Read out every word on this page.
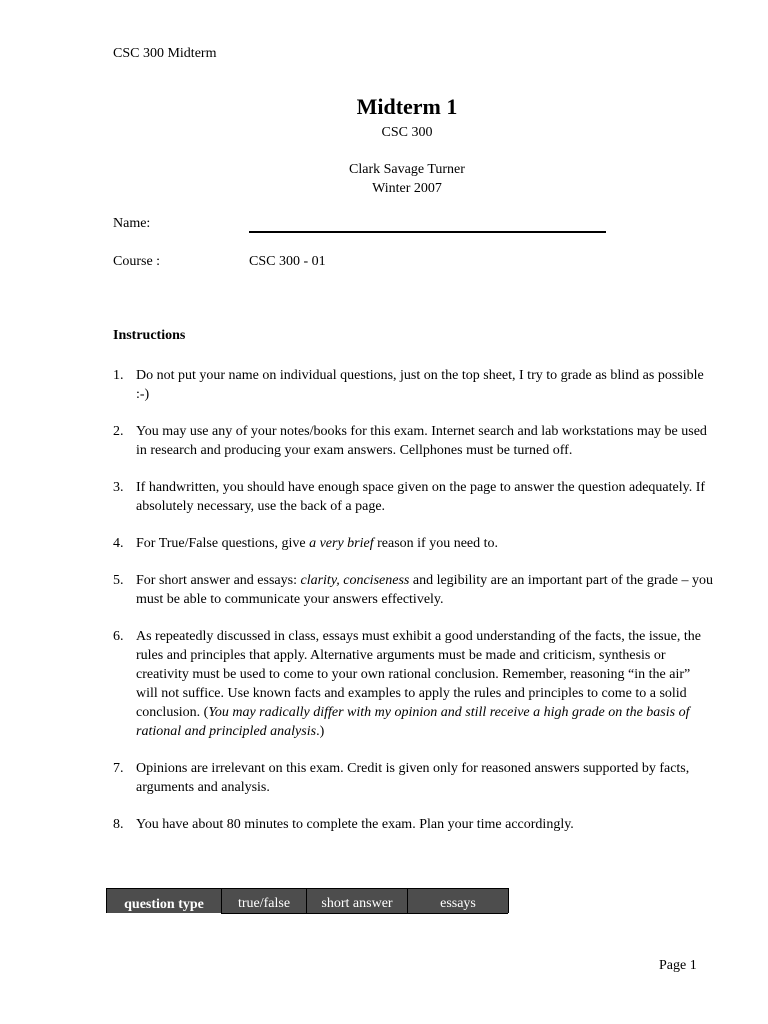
CSC 300 Midterm
Midterm 1
CSC 300
Clark Savage Turner
Winter 2007
Name:
Course :	CSC 300 - 01
Instructions
1. Do not put your name on individual questions, just on the top sheet, I try to grade as blind as possible :-)
2. You may use any of your notes/books for this exam. Internet search and lab workstations may be used in research and producing your exam answers. Cellphones must be turned off.
3. If handwritten, you should have enough space given on the page to answer the question adequately. If absolutely necessary, use the back of a page.
4. For True/False questions, give a very brief reason if you need to.
5. For short answer and essays: clarity, conciseness and legibility are an important part of the grade – you must be able to communicate your answers effectively.
6. As repeatedly discussed in class, essays must exhibit a good understanding of the facts, the issue, the rules and principles that apply. Alternative arguments must be made and criticism, synthesis or creativity must be used to come to your own rational conclusion. Remember, reasoning “in the air” will not suffice. Use known facts and examples to apply the rules and principles to come to a solid conclusion. (You may radically differ with my opinion and still receive a high grade on the basis of rational and principled analysis.)
7. Opinions are irrelevant on this exam. Credit is given only for reasoned answers supported by facts, arguments and analysis.
8. You have about 80 minutes to complete the exam. Plan your time accordingly.
question type	true/false	short answer	essays
Page 1
